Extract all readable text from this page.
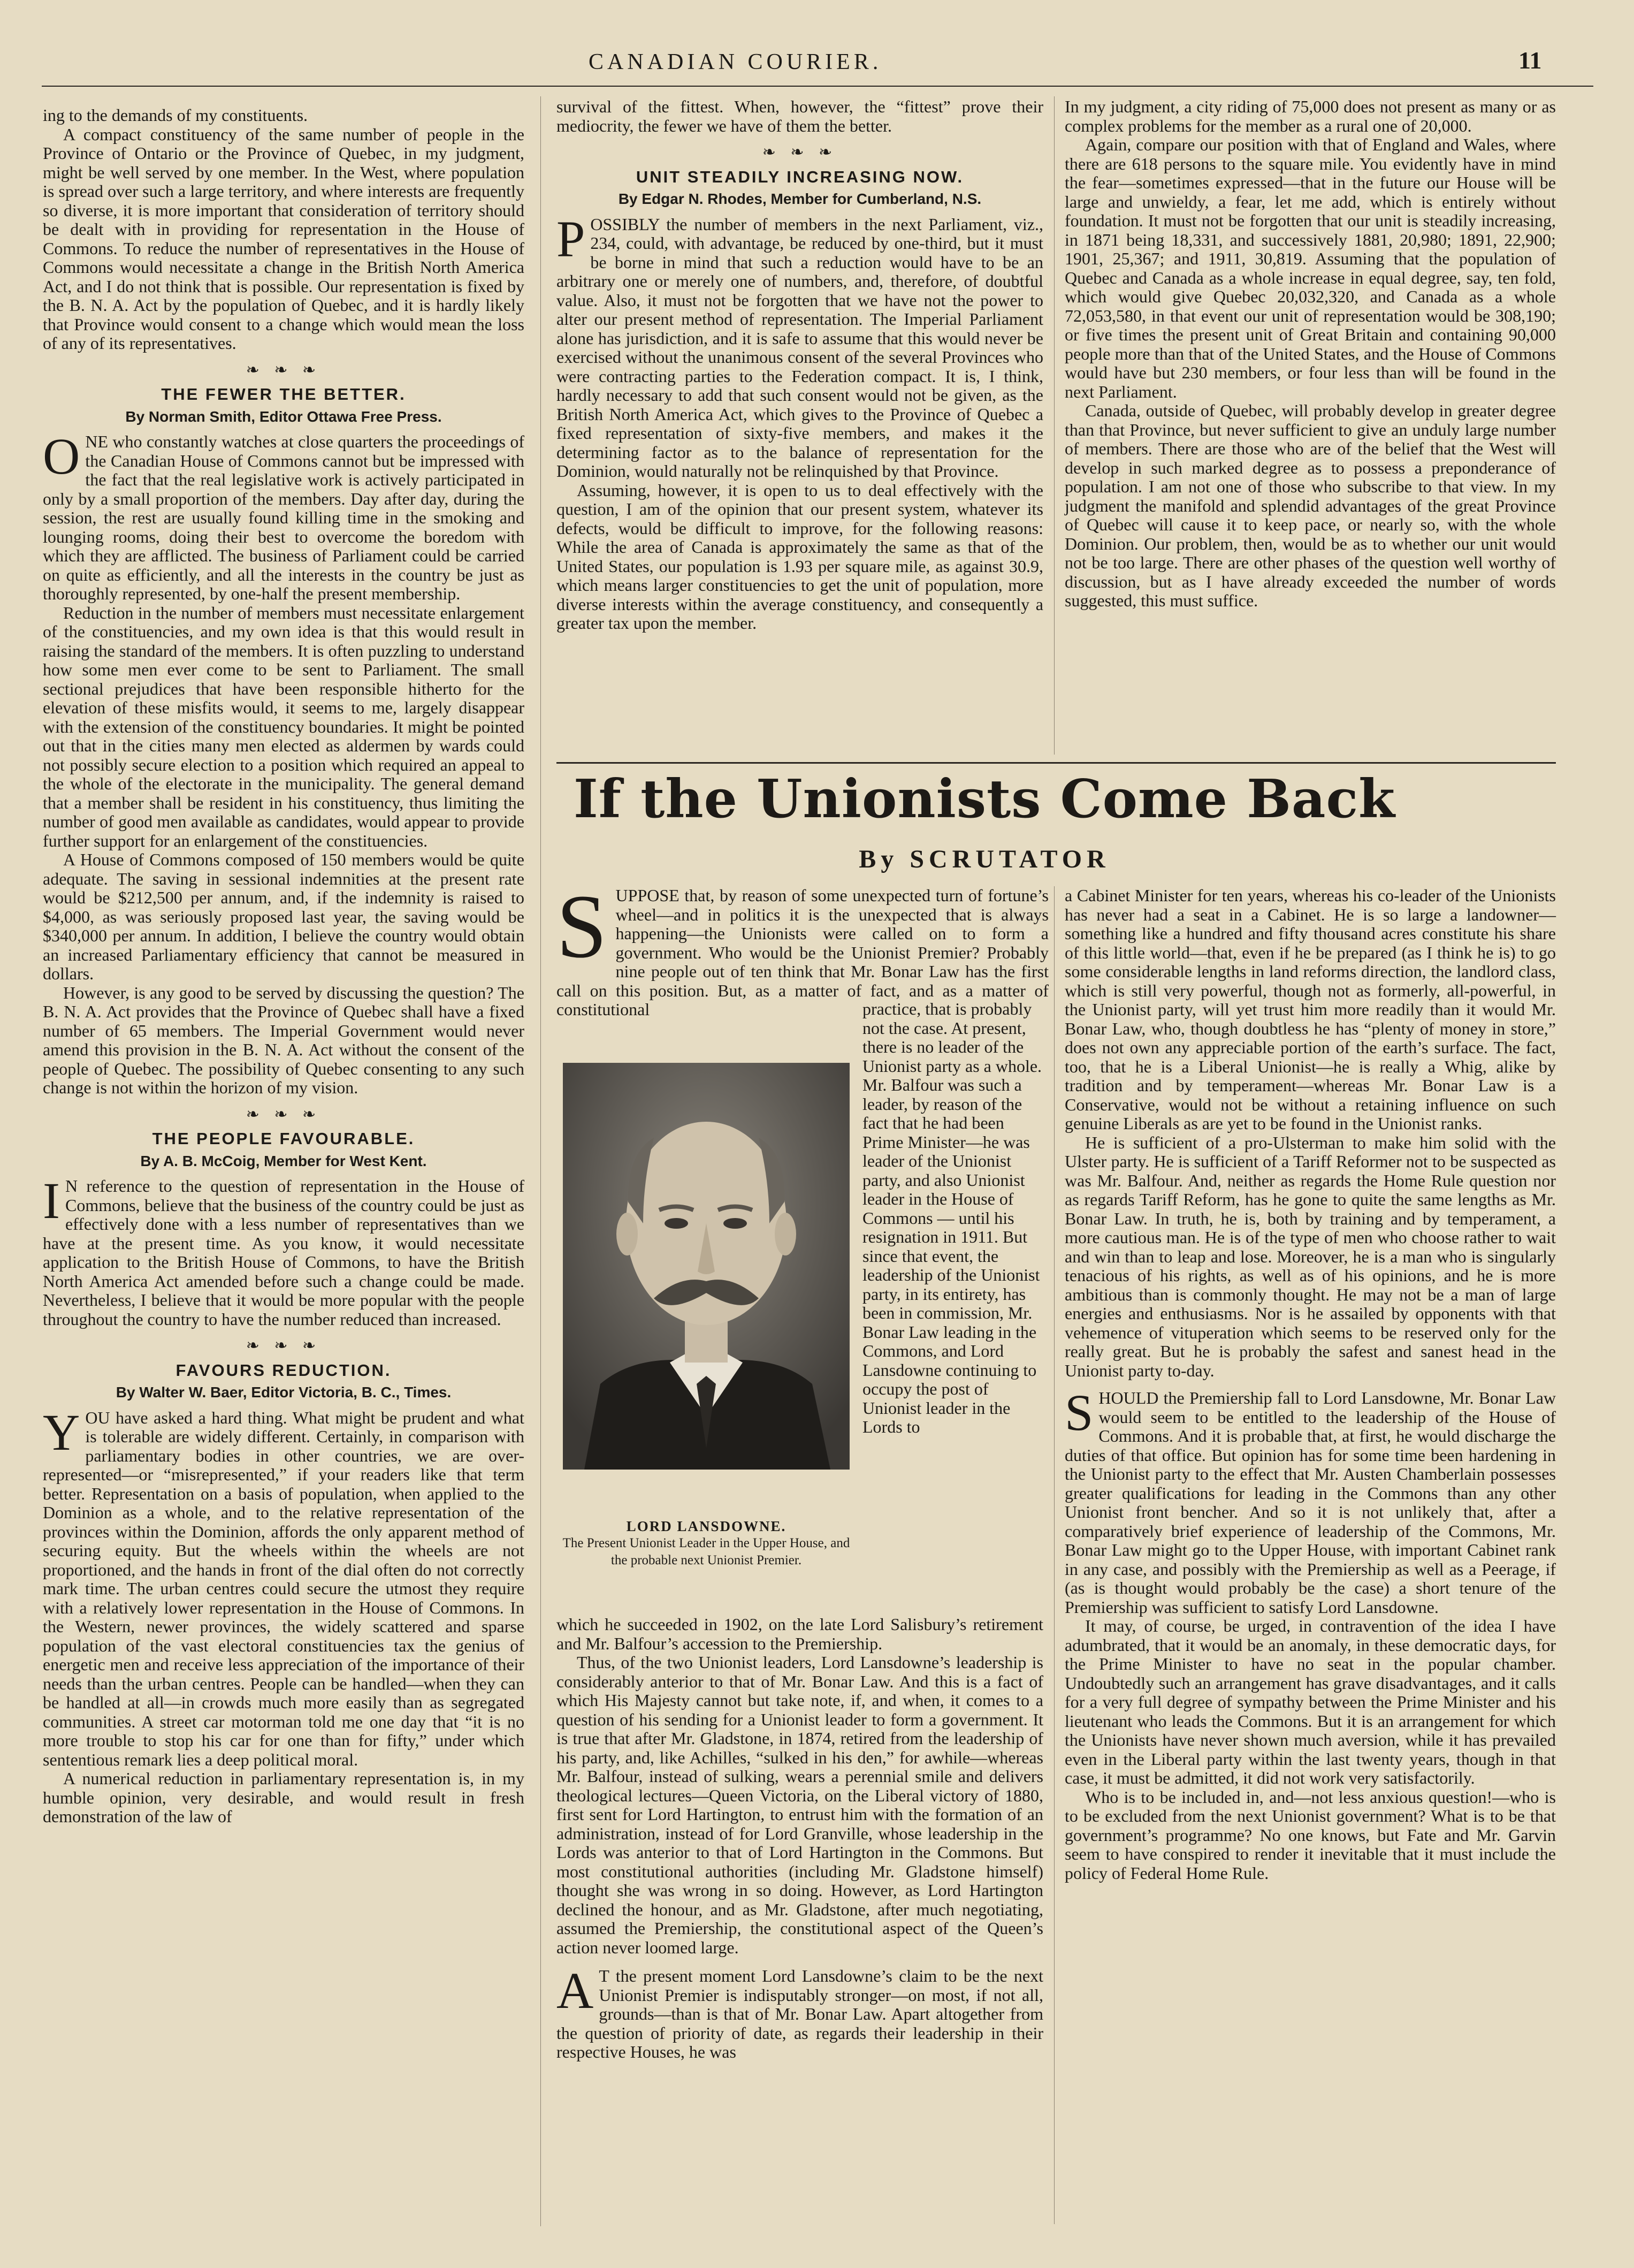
CANADIAN COURIER.	11

ing to the demands of my constituents.

A compact constituency of the same number of people in the Province of Ontario or the Province of Quebec, in my judgment, might be well served by one member. In the West, where population is spread over such a large territory, and where interests are frequently so diverse, it is more important that consideration of territory should be dealt with in providing for representation in the House of Commons. To reduce the number of representatives in the House of Commons would necessitate a change in the British North America Act, and I do not think that is possible. Our representation is fixed by the B. N. A. Act by the population of Quebec, and it is hardly likely that Province would consent to a change which would mean the loss of any of its representatives.

❧ ❧ ❧
THE FEWER THE BETTER.
By Norman Smith, Editor Ottawa Free Press.

ONE who constantly watches at close quarters the proceedings of the Canadian House of Commons cannot but be impressed with the fact that the real legislative work is actively participated in only by a small proportion of the members. Day after day, during the session, the rest are usually found killing time in the smoking and lounging rooms, doing their best to overcome the boredom with which they are afflicted. The business of Parliament could be carried on quite as efficiently, and all the interests in the country be just as thoroughly represented, by one-half the present membership.

Reduction in the number of members must necessitate enlargement of the constituencies, and my own idea is that this would result in raising the standard of the members. It is often puzzling to understand how some men ever come to be sent to Parliament. The small sectional prejudices that have been responsible hitherto for the elevation of these misfits would, it seems to me, largely disappear with the extension of the constituency boundaries. It might be pointed out that in the cities many men elected as aldermen by wards could not possibly secure election to a position which required an appeal to the whole of the electorate in the municipality. The general demand that a member shall be resident in his constituency, thus limiting the number of good men available as candidates, would appear to provide further support for an enlargement of the constituencies.

A House of Commons composed of 150 members would be quite adequate. The saving in sessional indemnities at the present rate would be $212,500 per annum, and, if the indemnity is raised to $4,000, as was seriously proposed last year, the saving would be $340,000 per annum. In addition, I believe the country would obtain an increased Parliamentary efficiency that cannot be measured in dollars.

However, is any good to be served by discussing the question? The B. N. A. Act provides that the Province of Quebec shall have a fixed number of 65 members. The Imperial Government would never amend this provision in the B. N. A. Act without the consent of the people of Quebec. The possibility of Quebec consenting to any such change is not within the horizon of my vision.

❧ ❧ ❧
THE PEOPLE FAVOURABLE.
By A. B. McCoig, Member for West Kent.

I N reference to the question of representation in the House of Commons, believe that the business of the country could be just as effectively done with a less number of representatives than we have at the present time. As you know, it would necessitate application to the British House of Commons, to have the British North America Act amended before such a change could be made. Nevertheless, I believe that it would be more popular with the people throughout the country to have the number reduced than increased.

❧ ❧ ❧
FAVOURS REDUCTION.
By Walter W. Baer, Editor Victoria, B. C., Times.

YOU have asked a hard thing. What might be prudent and what is tolerable are widely different. Certainly, in comparison with parliamentary bodies in other countries, we are over-represented—or “misrepresented,” if your readers like that term better. Representation on a basis of population, when applied to the Dominion as a whole, and to the relative representation of the provinces within the Dominion, affords the only apparent method of securing equity. But the wheels within the wheels are not proportioned, and the hands in front of the dial often do not correctly mark time. The urban centres could secure the utmost they require with a relatively lower representation in the House of Commons. In the Western, newer provinces, the widely scattered and sparse population of the vast electoral constituencies tax the genius of energetic men and receive less appreciation of the importance of their needs than the urban centres. People can be handled—when they can be handled at all—in crowds much more easily than as segregated communities. A street car motorman told me one day that “it is no more trouble to stop his car for one than for fifty,” under which sententious remark lies a deep political moral.

A numerical reduction in parliamentary representation is, in my humble opinion, very desirable, and would result in fresh demonstration of the law of

survival of the fittest. When, however, the “fittest” prove their mediocrity, the fewer we have of them the better.

❧ ❧ ❧
UNIT STEADILY INCREASING NOW.
By Edgar N. Rhodes, Member for Cumberland, N.S.

POSSIBLY the number of members in the next Parliament, viz., 234, could, with advantage, be reduced by one-third, but it must be borne in mind that such a reduction would have to be an arbitrary one or merely one of numbers, and, therefore, of doubtful value. Also, it must not be forgotten that we have not the power to alter our present method of representation. The Imperial Parliament alone has jurisdiction, and it is safe to assume that this would never be exercised without the unanimous consent of the several Provinces who were contracting parties to the Federation compact. It is, I think, hardly necessary to add that such consent would not be given, as the British North America Act, which gives to the Province of Quebec a fixed representation of sixty-five members, and makes it the determining factor as to the balance of representation for the Dominion, would naturally not be relinquished by that Province.

Assuming, however, it is open to us to deal effectively with the question, I am of the opinion that our present system, whatever its defects, would be difficult to improve, for the following reasons: While the area of Canada is approximately the same as that of the United States, our population is 1.93 per square mile, as against 30.9, which means larger constituencies to get the unit of population, more diverse interests within the average constituency, and consequently a greater tax upon the member.

In my judgment, a city riding of 75,000 does not present as many or as complex problems for the member as a rural one of 20,000.

Again, compare our position with that of England and Wales, where there are 618 persons to the square mile. You evidently have in mind the fear—sometimes expressed—that in the future our House will be large and unwieldy, a fear, let me add, which is entirely without foundation. It must not be forgotten that our unit is steadily increasing, in 1871 being 18,331, and successively 1881, 20,980; 1891, 22,900; 1901, 25,367; and 1911, 30,819. Assuming that the population of Quebec and Canada as a whole increase in equal degree, say, ten fold, which would give Quebec 20,032,320, and Canada as a whole 72,053,580, in that event our unit of representation would be 308,190; or five times the present unit of Great Britain and containing 90,000 people more than that of the United States, and the House of Commons would have but 230 members, or four less than will be found in the next Parliament.

Canada, outside of Quebec, will probably develop in greater degree than that Province, but never sufficient to give an unduly large number of members. There are those who are of the belief that the West will develop in such marked degree as to possess a preponderance of population. I am not one of those who subscribe to that view. In my judgment the manifold and splendid advantages of the great Province of Quebec will cause it to keep pace, or nearly so, with the whole Dominion. Our problem, then, would be as to whether our unit would not be too large. There are other phases of the question well worthy of discussion, but as I have already exceeded the number of words suggested, this must suffice.

If the Unionists Come Back
By SCRUTATOR

SUPPOSE that, by reason of some unexpected turn of fortune’s wheel—and in politics it is the unexpected that is always happening—the Unionists were called on to form a government. Who would be the Unionist Premier? Probably nine people out of ten think that Mr. Bonar Law has the first call on this position. But, as a matter of fact, and as a matter of constitutional

LORD LANSDOWNE.
The Present Unionist Leader in the Upper House, and the probable next Unionist Premier.

practice, that is probably not the case. At present, there is no leader of the Unionist party as a whole. Mr. Balfour was such a leader, by reason of the fact that he had been Prime Minister—he was leader of the Unionist party, and also Unionist leader in the House of Commons — until his resignation in 1911. But since that event, the leadership of the Unionist party, in its entirety, has been in commission, Mr. Bonar Law leading in the Commons, and Lord Lansdowne continuing to occupy the post of Unionist leader in the Lords to

which he succeeded in 1902, on the late Lord Salisbury’s retirement and Mr. Balfour’s accession to the Premiership.

Thus, of the two Unionist leaders, Lord Lansdowne’s leadership is considerably anterior to that of Mr. Bonar Law. And this is a fact of which His Majesty cannot but take note, if, and when, it comes to a question of his sending for a Unionist leader to form a government. It is true that after Mr. Gladstone, in 1874, retired from the leadership of his party, and, like Achilles, “sulked in his den,” for awhile—whereas Mr. Balfour, instead of sulking, wears a perennial smile and delivers theological lectures—Queen Victoria, on the Liberal victory of 1880, first sent for Lord Hartington, to entrust him with the formation of an administration, instead of for Lord Granville, whose leadership in the Lords was anterior to that of Lord Hartington in the Commons. But most constitutional authorities (including Mr. Gladstone himself) thought she was wrong in so doing. However, as Lord Hartington declined the honour, and as Mr. Gladstone, after much negotiating, assumed the Premiership, the constitutional aspect of the Queen’s action never loomed large.

A T the present moment Lord Lansdowne’s claim to be the next Unionist Premier is indisputably stronger—on most, if not all, grounds—than is that of Mr. Bonar Law. Apart altogether from the question of priority of date, as regards their leadership in their respective Houses, he was

a Cabinet Minister for ten years, whereas his co-leader of the Unionists has never had a seat in a Cabinet. He is so large a landowner—something like a hundred and fifty thousand acres constitute his share of this little world—that, even if he be prepared (as I think he is) to go some considerable lengths in land reforms direction, the landlord class, which is still very powerful, though not as formerly, all-powerful, in the Unionist party, will yet trust him more readily than it would Mr. Bonar Law, who, though doubtless he has “plenty of money in store,” does not own any appreciable portion of the earth’s surface. The fact, too, that he is a Liberal Unionist—he is really a Whig, alike by tradition and by temperament—whereas Mr. Bonar Law is a Conservative, would not be without a retaining influence on such genuine Liberals as are yet to be found in the Unionist ranks.

He is sufficient of a pro-Ulsterman to make him solid with the Ulster party. He is sufficient of a Tariff Reformer not to be suspected as was Mr. Balfour. And, neither as regards the Home Rule question nor as regards Tariff Reform, has he gone to quite the same lengths as Mr. Bonar Law. In truth, he is, both by training and by temperament, a more cautious man. He is of the type of men who choose rather to wait and win than to leap and lose. Moreover, he is a man who is singularly tenacious of his rights, as well as of his opinions, and he is more ambitious than is commonly thought. He may not be a man of large energies and enthusiasms. Nor is he assailed by opponents with that vehemence of vituperation which seems to be reserved only for the really great. But he is probably the safest and sanest head in the Unionist party to-day.

SHOULD the Premiership fall to Lord Lansdowne, Mr. Bonar Law would seem to be entitled to the leadership of the House of Commons. And it is probable that, at first, he would discharge the duties of that office. But opinion has for some time been hardening in the Unionist party to the effect that Mr. Austen Chamberlain possesses greater qualifications for leading in the Commons than any other Unionist front bencher. And so it is not unlikely that, after a comparatively brief experience of leadership of the Commons, Mr. Bonar Law might go to the Upper House, with important Cabinet rank in any case, and possibly with the Premiership as well as a Peerage, if (as is thought would probably be the case) a short tenure of the Premiership was sufficient to satisfy Lord Lansdowne.

It may, of course, be urged, in contravention of the idea I have adumbrated, that it would be an anomaly, in these democratic days, for the Prime Minister to have no seat in the popular chamber. Undoubtedly such an arrangement has grave disadvantages, and it calls for a very full degree of sympathy between the Prime Minister and his lieutenant who leads the Commons. But it is an arrangement for which the Unionists have never shown much aversion, while it has prevailed even in the Liberal party within the last twenty years, though in that case, it must be admitted, it did not work very satisfactorily.

Who is to be included in, and—not less anxious question!—who is to be excluded from the next Unionist government? What is to be that government’s programme? No one knows, but Fate and Mr. Garvin seem to have conspired to render it inevitable that it must include the policy of Federal Home Rule.
